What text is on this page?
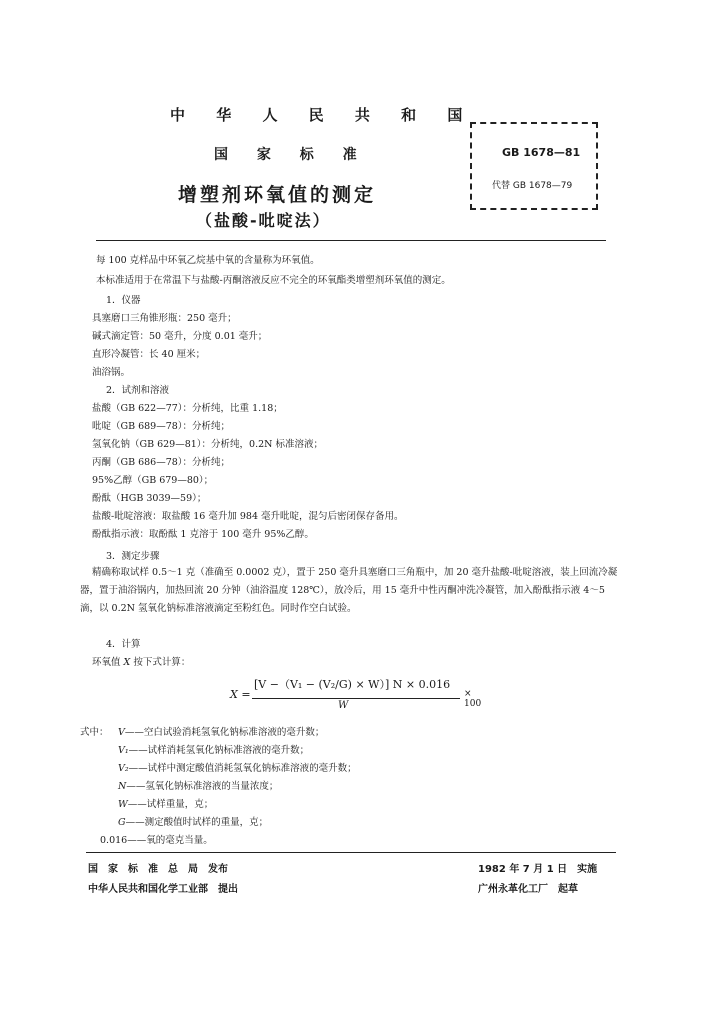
中 华 人 民 共 和 国
国 家 标 准
增塑剂环氧值的测定
（盐酸-吡啶法）
GB 1678—81
代替 GB 1678—79
每 100 克样品中环氧乙烷基中氧的含量称为环氧值。
本标准适用于在常温下与盐酸-丙酮溶液反应不完全的环氧酯类增塑剂环氧值的测定。
1．仪器
具塞磨口三角锥形瓶：250 毫升；
碱式滴定管：50 毫升，分度 0.01 毫升；
直形冷凝管：长 40 厘米；
油浴锅。
2．试剂和溶液
盐酸（GB 622—77）：分析纯，比重 1.18；
吡啶（GB 689—78）：分析纯；
氢氧化钠（GB 629—81）：分析纯，0.2N 标准溶液；
丙酮（GB 686—78）：分析纯；
95%乙醇（GB 679—80）；
酚酞（HGB 3039—59）；
盐酸-吡啶溶液：取盐酸 16 毫升加 984 毫升吡啶，混匀后密闭保存备用。
酚酞指示液：取酚酞 1 克溶于 100 毫升 95%乙醇。
3．测定步骤
精确称取试样 0.5～1 克（准确至 0.0002 克），置于 250 毫升具塞磨口三角瓶中，加 20 毫升盐酸-吡啶溶液，装上回流冷凝器，置于油浴锅内，加热回流 20 分钟（油浴温度 128℃），放冷后，用 15 毫升中性丙酮冲洗冷凝管，加入酚酞指示液 4～5 滴，以 0.2N 氢氧化钠标准溶液滴定至粉红色。同时作空白试验。
4．计算
环氧值 X 按下式计算：
X =
[V −（V₁ − (V₂/G) × W）] N × 0.016
W
× 100
式中： V——空白试验消耗氢氧化钠标准溶液的毫升数；
V₁——试样消耗氢氧化钠标准溶液的毫升数；
V₂——试样中测定酸值消耗氢氧化钠标准溶液的毫升数；
N——氢氧化钠标准溶液的当量浓度；
W——试样重量，克；
G——测定酸值时试样的重量，克；
0.016——氧的毫克当量。
国　家　标　准　总　局　发布
中华人民共和国化学工业部　提出
1982 年 7 月 1 日　实施
广州永革化工厂　起草
